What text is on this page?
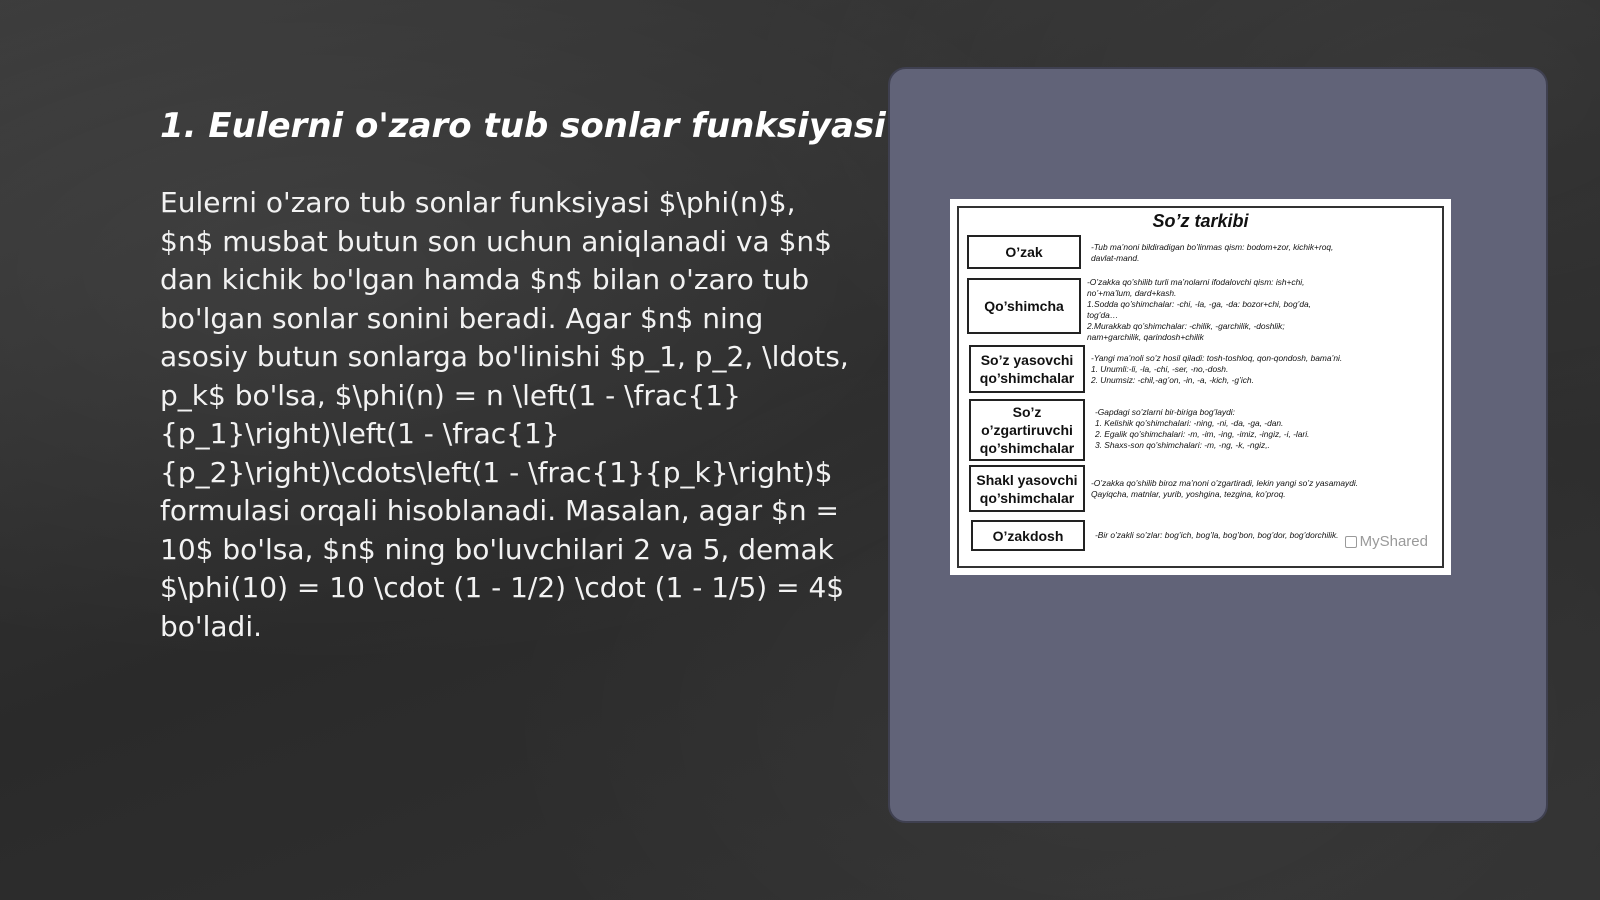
1. Eulerni o'zaro tub sonlar funksiyasi

Eulerni o'zaro tub sonlar funksiyasi $\phi(n)$, $n$ musbat butun son uchun aniqlanadi va $n$ dan kichik bo'lgan hamda $n$ bilan o'zaro tub bo'lgan sonlar sonini beradi. Agar $n$ ning asosiy butun sonlarga bo'linishi $p_1, p_2, \ldots, p_k$ bo'lsa, $\phi(n) = n \left(1 - \frac{1}{p_1}\right)\left(1 - \frac{1}{p_2}\right)\cdots\left(1 - \frac{1}{p_k}\right)$ formulasi orqali hisoblanadi. Masalan, agar $n = 10$ bo'lsa, $n$ ning bo'luvchilari 2 va 5, demak $\phi(10) = 10 \cdot (1 - 1/2) \cdot (1 - 1/5) = 4$ bo'ladi.

So’z tarkibi
O’zak	-Tub ma’noni bildiradigan bo’linmas qism: bodom+zor, kichik+roq,
davlat-mand.
Qo’shimcha
-O’zakka qo’shilib turli ma’nolarni ifodalovchi qism: ish+chi,
no’+ma’lum, dard+kash.
1.Sodda qo’shimchalar: -chi, -la, -ga, -da: bozor+chi, bog’da,
tog’da…
2.Murakkab qo’shimchalar: -chilik, -garchilik, -doshlik;
nam+garchilik, qarindosh+chilik
So’z yasovchi qo’shimchalar
-Yangi ma’noli so’z hosil qiladi: tosh-toshloq, qon-qondosh, bama’ni.
1. Unumli:-li, -la, -chi, -ser, -no,-dosh.
2. Unumsiz: -chil,-ag’on, -in, -a, -kich, -g’ich.
So’z o’zgartiruvchi qo’shimchalar
-Gapdagi so’zlarni bir-biriga bog’laydi:
1. Kelishik qo’shimchalari: -ning, -ni, -da, -ga, -dan.
2. Egalik qo’shimchalari: -m, -im, -ing, -imiz, -ingiz, -i, -lari.
3. Shaxs-son qo’shimchalari: -m, -ng, -k, -ngiz,.
Shakl yasovchi qo’shimchalar
-O’zakka qo’shilib biroz ma’noni o’zgartiradi, lekin yangi so’z yasamaydi.
Qayiqcha, matnlar, yurib, yoshgina, tezgina, ko’proq.
O’zakdosh	-Bir o’zakli so’zlar: bog’ich, bog’la, bog’bon, bog’dor, bog’dorchilik. MyShared
